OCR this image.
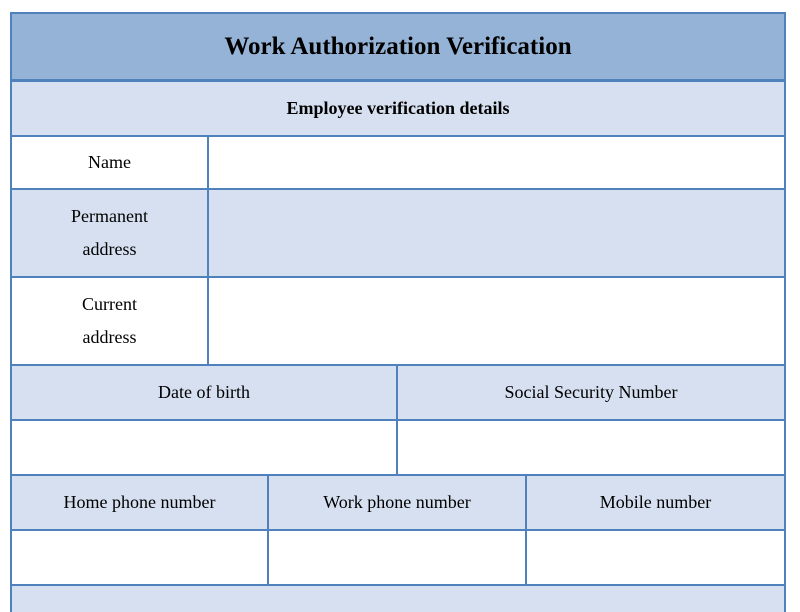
Work Authorization Verification
Employee verification details
Name
Permanent
address
Current
address
Date of birth	Social Security Number
Home phone number	Work phone number	Mobile number
